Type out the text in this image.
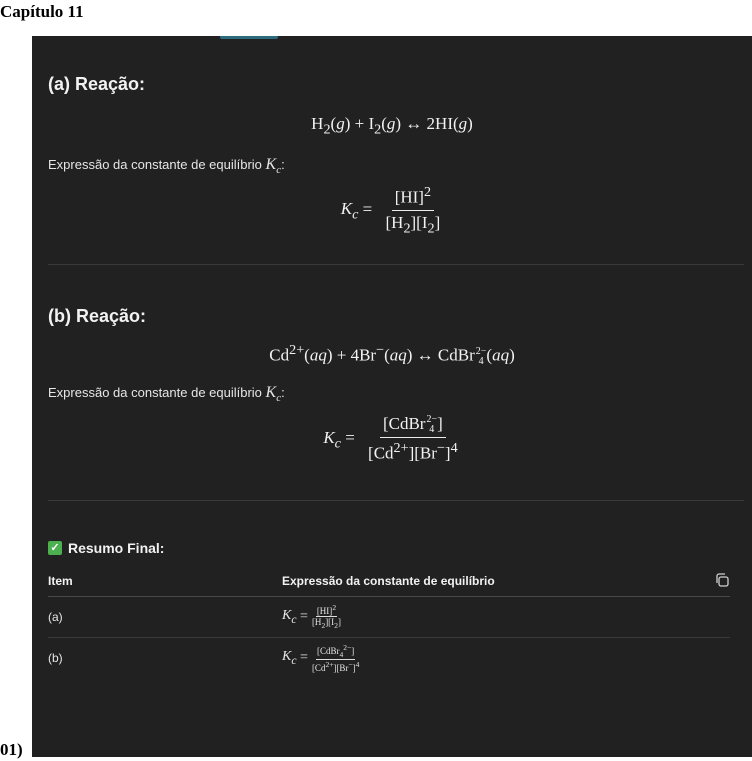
Capítulo 11
(a) Reação:
$H_2(g) + I_2(g)$ ↔ 2HI(g)
Expressão da constante de equilíbrio $K_c$:
$K_c = \frac{[HI]^2}{[H_2][I_2]}$
(b) Reação:
$Cd^{2+}(aq) + 4Br^-(aq)$ ↔ CdBr 2−
4 (aq)
Expressão da constante de equilíbrio $K_c$:
$K_c$ = [CdBr 2−
4 ]
$[Cd^{2+}][Br^-]^4$
✓ Resumo Final:
Item	Expressão da constante de equilíbrio
(a)	$K_c = \frac{[HI]^2}{[H_2][I_2]}$
(b)	$K_c = \frac{[CdBr_4^{2-}]}{[Cd^{2+}][Br^-]^4}$
01)
